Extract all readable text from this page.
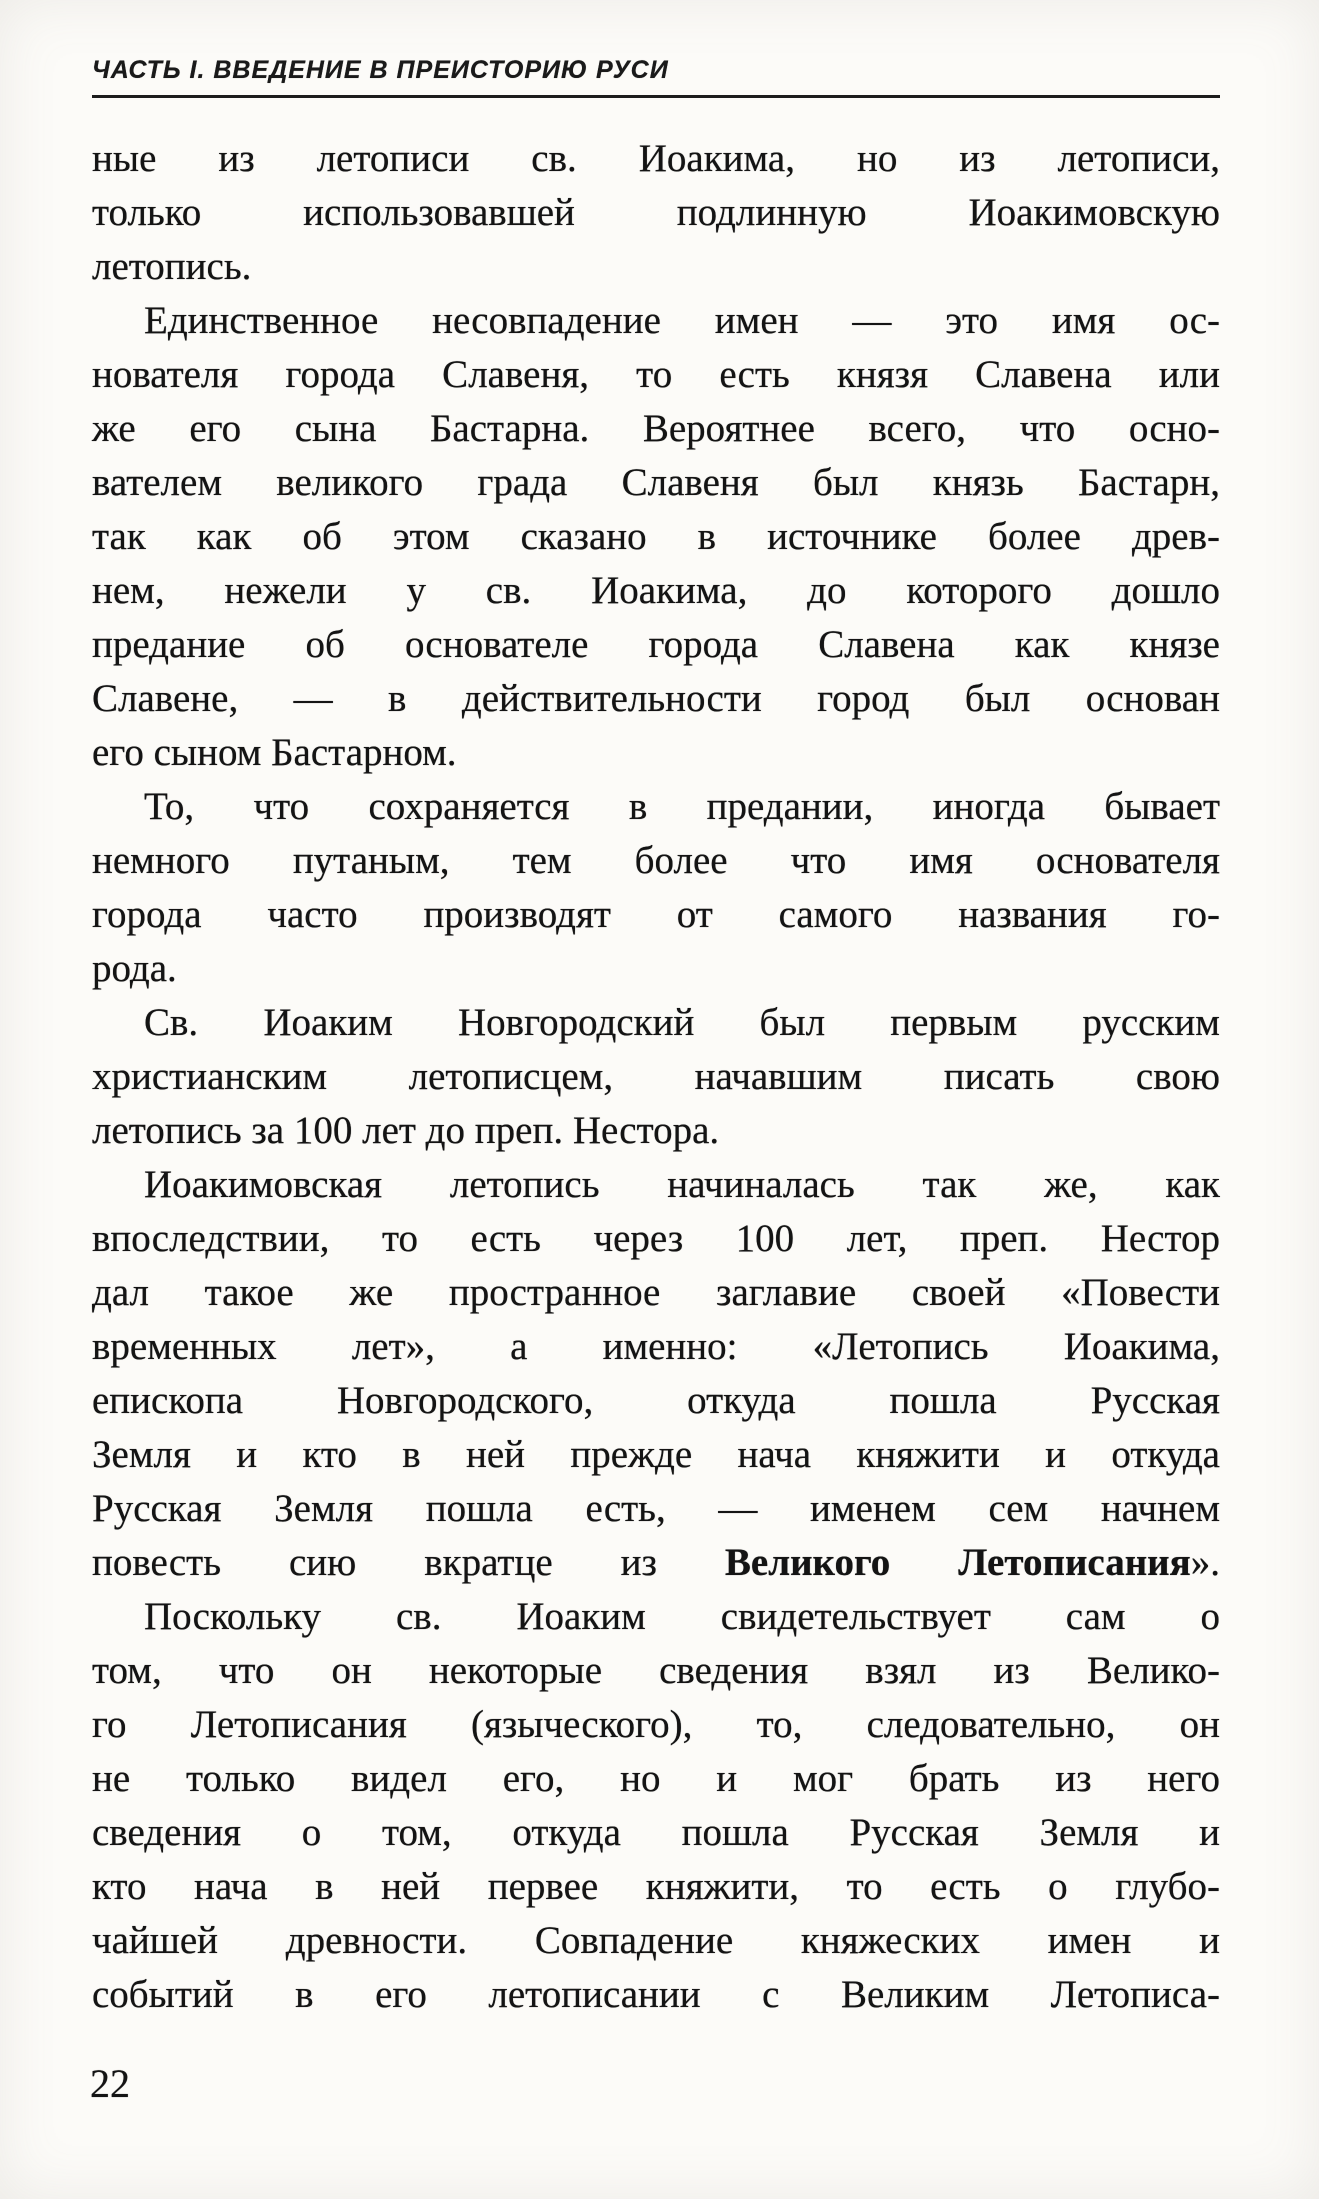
ЧАСТЬ I. ВВЕДЕНИЕ В ПРЕИСТОРИЮ РУСИ
ные из летописи св. Иоакима, но из летописи,
только использовавшей подлинную Иоакимовскую
летопись.
Единственное несовпадение имен — это имя ос-
нователя города Славеня, то есть князя Славена или
же его сына Бастарна. Вероятнее всего, что осно-
вателем великого града Славеня был князь Бастарн,
так как об этом сказано в источнике более древ-
нем, нежели у св. Иоакима, до которого дошло
предание об основателе города Славена как князе
Славене, — в действительности город был основан
его сыном Бастарном.
То, что сохраняется в предании, иногда бывает
немного путаным, тем более что имя основателя
города часто производят от самого названия го-
рода.
Св. Иоаким Новгородский был первым русским
христианским летописцем, начавшим писать свою
летопись за 100 лет до преп. Нестора.
Иоакимовская летопись начиналась так же, как
впоследствии, то есть через 100 лет, преп. Нестор
дал такое же пространное заглавие своей «Повести
временных лет», а именно: «Летопись Иоакима,
епископа Новгородского, откуда пошла Русская
Земля и кто в ней прежде нача княжити и откуда
Русская Земля пошла есть, — именем сем начнем
повесть сию вкратце из Великого Летописания».
Поскольку св. Иоаким свидетельствует сам о
том, что он некоторые сведения взял из Велико-
го Летописания (языческого), то, следовательно, он
не только видел его, но и мог брать из него
сведения о том, откуда пошла Русская Земля и
кто нача в ней первее княжити, то есть о глубо-
чайшей древности. Совпадение княжеских имен и
событий в его летописании с Великим Летописа-
22
